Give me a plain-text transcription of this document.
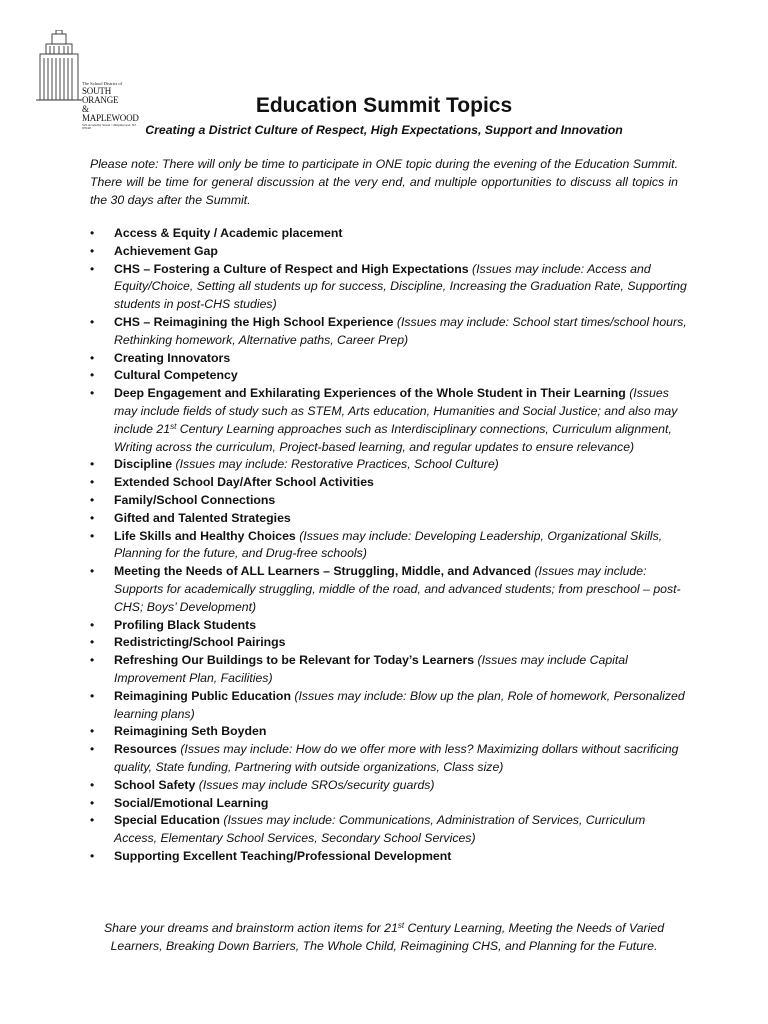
The School District of
SOUTH ORANGE
& MAPLEWOOD
525 Academy Street • Maplewood, NJ 07040
Education Summit Topics

Creating a District Culture of Respect, High Expectations, Support and Innovation

Please note: There will only be time to participate in ONE topic during the evening of the Education Summit. There will be time for general discussion at the very end, and multiple opportunities to discuss all topics in the 30 days after the Summit.

• Access & Equity / Academic placement
• Achievement Gap
• CHS – Fostering a Culture of Respect and High Expectations (Issues may include: Access and Equity/Choice, Setting all students up for success, Discipline, Increasing the Graduation Rate, Supporting students in post-CHS studies)
• CHS – Reimagining the High School Experience (Issues may include: School start times/school hours, Rethinking homework, Alternative paths, Career Prep)
• Creating Innovators
• Cultural Competency
• Deep Engagement and Exhilarating Experiences of the Whole Student in Their Learning (Issues may include fields of study such as STEM, Arts education, Humanities and Social Justice; and also may include 21st Century Learning approaches such as Interdisciplinary connections, Curriculum alignment, Writing across the curriculum, Project-based learning, and regular updates to ensure relevance)
• Discipline (Issues may include: Restorative Practices, School Culture)
• Extended School Day/After School Activities
• Family/School Connections
• Gifted and Talented Strategies
• Life Skills and Healthy Choices (Issues may include: Developing Leadership, Organizational Skills, Planning for the future, and Drug-free schools)
• Meeting the Needs of ALL Learners – Struggling, Middle, and Advanced (Issues may include: Supports for academically struggling, middle of the road, and advanced students; from preschool – post-CHS; Boys’ Development)
• Profiling Black Students
• Redistricting/School Pairings
• Refreshing Our Buildings to be Relevant for Today’s Learners (Issues may include Capital Improvement Plan, Facilities)
• Reimagining Public Education (Issues may include: Blow up the plan, Role of homework, Personalized learning plans)
• Reimagining Seth Boyden
• Resources (Issues may include: How do we offer more with less? Maximizing dollars without sacrificing quality, State funding, Partnering with outside organizations, Class size)
• School Safety (Issues may include SROs/security guards)
• Social/Emotional Learning
• Special Education (Issues may include: Communications, Administration of Services, Curriculum Access, Elementary School Services, Secondary School Services)
• Supporting Excellent Teaching/Professional Development

Share your dreams and brainstorm action items for 21st Century Learning, Meeting the Needs of Varied Learners, Breaking Down Barriers, The Whole Child, Reimagining CHS, and Planning for the Future.
